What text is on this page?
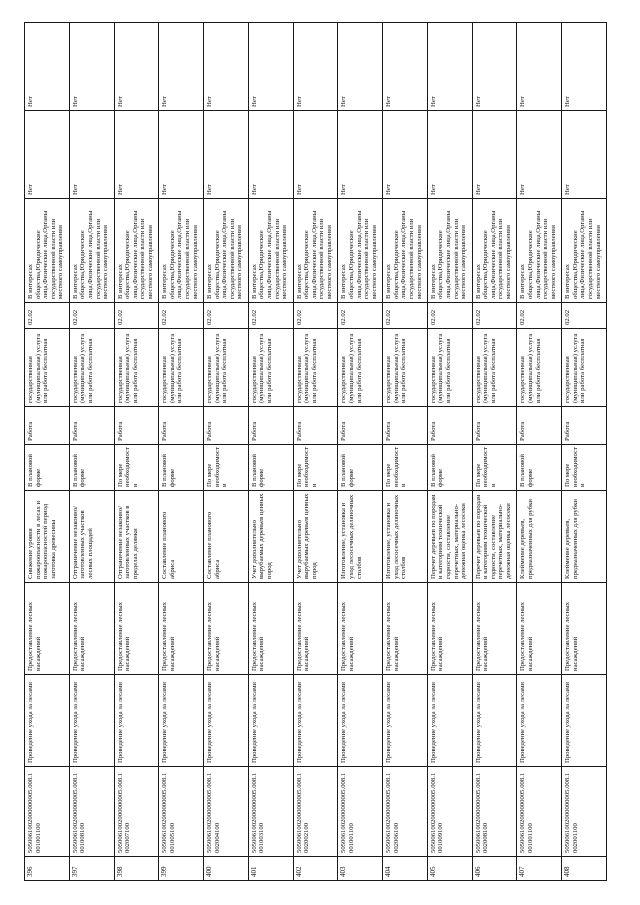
396	5050061002000000005.008.1 001001100	Проведение ухода за лесами	Предоставление лесных насаждений	Снижение уровня пожароопасности в лесах и пожароопасностей период заготовка древесины	В плановой форме	Работа	государственная (муниципальная) услуга или работа бесплатная	02.02	В интересах общества,Юридические лица,Физические лица,Органы государственной власти или местного самоуправления	Нет	Нет
397	5050061002000000005.008.1 001008100	Проведение ухода за лесами	Предоставление лесных насаждений	Отграничение незаконно/заготовленных участков лесных площадей	В плановой форме	Работа	государственная (муниципальная) услуга или работа бесплатная	02.02	В интересах общества,Юридические лица,Физические лица,Органы государственной власти или местного самоуправления	Нет	Нет
398	5050061002000000005.008.1 002007100	Проведение ухода за лесами	Предоставление лесных насаждений	Отграничение незаконно/заготовленных участков в пределах делянки	По мере необходимости	Работа	государственная (муниципальная) услуга или работа бесплатная	02.02	В интересах общества,Юридические лица,Физические лица,Органы государственной власти или местного самоуправления	Нет	Нет
399	5050061002000000005.008.1 001005100	Проведение ухода за лесами	Предоставление лесных насаждений	Составление планового абриса	В плановой форме	Работа	государственная (муниципальная) услуга или работа бесплатная	02.02	В интересах общества,Юридические лица,Физические лица,Органы государственной власти или местного самоуправления	Нет	Нет
400	5050061002000000005.008.1 002004100	Проведение ухода за лесами	Предоставление лесных насаждений	Составление планового абриса	По мере необходимости	Работа	государственная (муниципальная) услуга или работа бесплатная	02.02	В интересах общества,Юридические лица,Физические лица,Органы государственной власти или местного самоуправления	Нет	Нет
401	5050061002000000005.008.1 001003100	Проведение ухода за лесами	Предоставление лесных насаждений	Учет дополнительно вырубаемых деревьев ценных пород	В плановой форме	Работа	государственная (муниципальная) услуга или работа бесплатная	02.02	В интересах общества,Юридические лица,Физические лица,Органы государственной власти или местного самоуправления	Нет	Нет
402	5050061002000000005.008.1 002002100	Проведение ухода за лесами	Предоставление лесных насаждений	Учет дополнительно вырубаемых деревьев ценных пород	По мере необходимости	Работа	государственная (муниципальная) услуга или работа бесплатная	02.02	В интересах общества,Юридические лица,Физические лица,Органы государственной власти или местного самоуправления	Нет	Нет
403	5050061002000000005.008.1 001001100	Проведение ухода за лесами	Предоставление лесных насаждений	Изготовление, установка и уход лесосечных деляночных столбов	В плановой форме	Работа	государственная (муниципальная) услуга или работа бесплатная	02.02	В интересах общества,Юридические лица,Физические лица,Органы государственной власти или местного самоуправления	Нет	Нет
404	5050061002000000005.008.1 002006100	Проведение ухода за лесами	Предоставление лесных насаждений	Изготовление, установка и уход лесосечных деляночных столбов	По мере необходимости	Работа	государственная (муниципальная) услуга или работа бесплатная	02.02	В интересах общества,Юридические лица,Физические лица,Органы государственной власти или местного самоуправления	Нет	Нет
405	5050061002000000005.008.1 001009100	Проведение ухода за лесами	Предоставление лесных насаждений	Перечет деревьев по породам и категориям технической годности, составление перечетных, материально-денежная оценка лесосеки	В плановой форме	Работа	государственная (муниципальная) услуга или работа бесплатная	02.02	В интересах общества,Юридические лица,Физические лица,Органы государственной власти или местного самоуправления	Нет	Нет
406	5050061002000000005.008.1 002008100	Проведение ухода за лесами	Предоставление лесных насаждений	Перечет деревьев по породам и категориям технической годности, составление перечетных, материально-денежная оценка лесосеки	По мере необходимости	Работа	государственная (муниципальная) услуга или работа бесплатная	02.02	В интересах общества,Юридические лица,Физические лица,Органы государственной власти или местного самоуправления	Нет	Нет
407	5050061002000000005.008.1 001001100	Проведение ухода за лесами	Предоставление лесных насаждений	Клеймение деревьев, предназначенных для рубки	В плановой форме	Работа	государственная (муниципальная) услуга или работа бесплатная	02.02	В интересах общества,Юридические лица,Физические лица,Органы государственной власти или местного самоуправления	Нет	Нет
408	5050061002000000005.008.1 002001100	Проведение ухода за лесами	Предоставление лесных насаждений	Клеймение деревьев, предназначенных для рубки	По мере необходимости	Работа	государственная (муниципальная) услуга или работа бесплатная	02.02	В интересах общества,Юридические лица,Физические лица,Органы государственной власти или местного самоуправления	Нет	Нет
